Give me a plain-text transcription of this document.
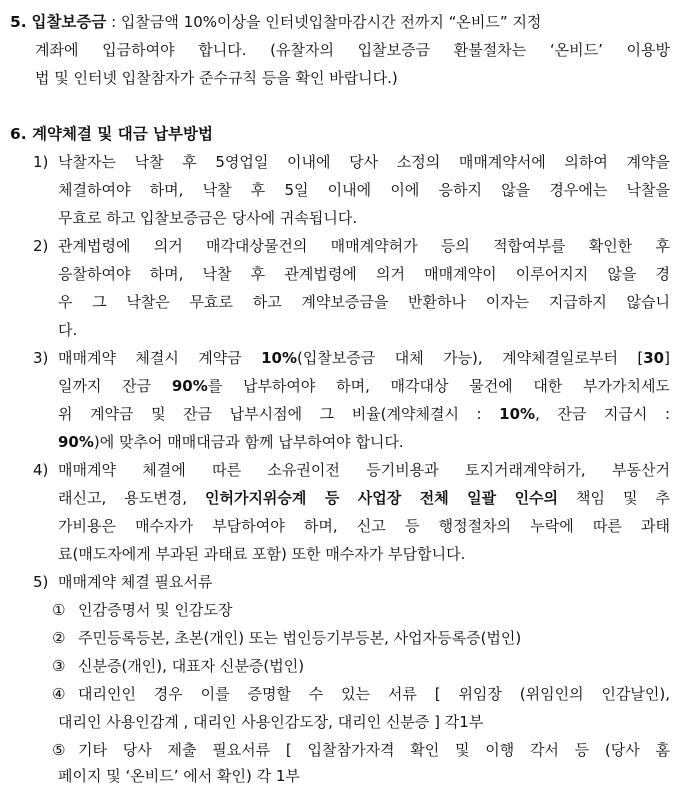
5. 입찰보증금 : 입찰금액 10%이상을 인터넷입찰마감시간 전까지 “온비드” 지정
계좌에 입금하여야 합니다. (유찰자의 입찰보증금 환불절차는 ‘온비드’ 이용방
법 및 인터넷 입찰참자가 준수규칙 등을 확인 바랍니다.)
6. 계약체결 및 대금 납부방법
1) 낙찰자는 낙찰 후 5영업일 이내에 당사 소정의 매매계약서에 의하여 계약을
체결하여야 하며, 낙찰 후 5일 이내에 이에 응하지 않을 경우에는 낙찰을
무효로 하고 입찰보증금은 당사에 귀속됩니다.
2) 관계법령에 의거 매각대상물건의 매매계약허가 등의 적합여부를 확인한 후
응찰하여야 하며, 낙찰 후 관계법령에 의거 매매계약이 이루어지지 않을 경
우 그 낙찰은 무효로 하고 계약보증금을 반환하나 이자는 지급하지 않습니
다.
3) 매매계약 체결시 계약금 10%(입찰보증금 대체 가능), 계약체결일로부터 [30]
일까지 잔금 90%를 납부하여야 하며, 매각대상 물건에 대한 부가가치세도
위 계약금 및 잔금 납부시점에 그 비율(계약체결시 : 10%, 잔금 지급시 :
90%)에 맞추어 매매대금과 함께 납부하여야 합니다.
4) 매매계약 체결에 따른 소유권이전 등기비용과 토지거래계약허가, 부동산거
래신고, 용도변경, 인허가지위승계 등 사업장 전체 일괄 인수의 책임 및 추
가비용은 매수자가 부담하여야 하며, 신고 등 행정절차의 누락에 따른 과태
료(매도자에게 부과된 과태료 포함) 또한 매수자가 부담합니다.
5) 매매계약 체결 필요서류
① 인감증명서 및 인감도장
② 주민등록등본, 초본(개인) 또는 법인등기부등본, 사업자등록증(법인)
③ 신분증(개인), 대표자 신분증(법인)
④ 대리인인 경우 이를 증명할 수 있는 서류 [ 위임장 (위임인의 인감날인),
대리인 사용인감계 , 대리인 사용인감도장, 대리인 신분증 ] 각1부
⑤ 기타 당사 제출 필요서류 [ 입찰참가자격 확인 및 이행 각서 등 (당사 홈
페이지 및 ‘온비드’ 에서 확인) 각 1부
